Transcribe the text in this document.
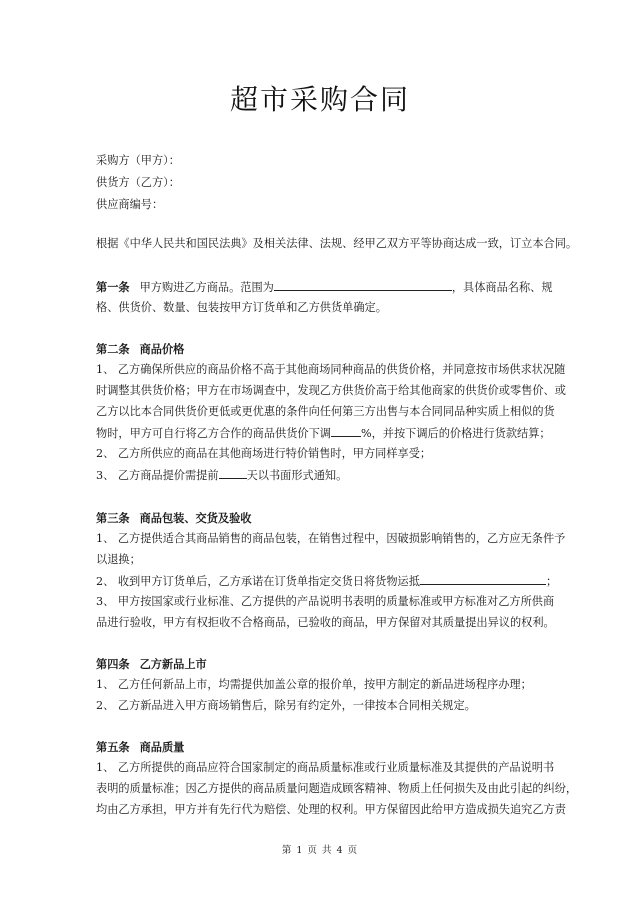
超市采购合同
采购方（甲方）：
供货方（乙方）：
供应商编号：
根据《中华人民共和国民法典》及相关法律、法规、经甲乙双方平等协商达成一致，订立本合同。
第一条 甲方购进乙方商品。范围为	，具体商品名称、规
格、供货价、数量、包装按甲方订货单和乙方供货单确定。
第二条 商品价格
1、 乙方确保所供应的商品价格不高于其他商场同种商品的供货价格，并同意按市场供求状况随
时调整其供货价格；甲方在市场调查中，发现乙方供货价高于给其他商家的供货价或零售价、或
乙方以比本合同供货价更低或更优惠的条件向任何第三方出售与本合同同品种实质上相似的货
物时，甲方可自行将乙方合作的商品供货价下调	%，并按下调后的价格进行货款结算；
2、 乙方所供应的商品在其他商场进行特价销售时，甲方同样享受；
3、 乙方商品提价需提前	天以书面形式通知。
第三条 商品包装、交货及验收
1、 乙方提供适合其商品销售的商品包装，在销售过程中，因破损影响销售的，乙方应无条件予
以退换；
2、 收到甲方订货单后，乙方承诺在订货单指定交货日将货物运抵	；
3、 甲方按国家或行业标准、乙方提供的产品说明书表明的质量标准或甲方标准对乙方所供商
品进行验收，甲方有权拒收不合格商品，已验收的商品，甲方保留对其质量提出异议的权利。
第四条 乙方新品上市
1、 乙方任何新品上市，均需提供加盖公章的报价单，按甲方制定的新品进场程序办理；
2、 乙方新品进入甲方商场销售后，除另有约定外，一律按本合同相关规定。
第五条 商品质量
1、 乙方所提供的商品应符合国家制定的商品质量标准或行业质量标准及其提供的产品说明书
表明的质量标准；因乙方提供的商品质量问题造成顾客精神、物质上任何损失及由此引起的纠纷，
均由乙方承担，甲方并有先行代为赔偿、处理的权利。甲方保留因此给甲方造成损失追究乙方责
第 1 页 共 4 页
